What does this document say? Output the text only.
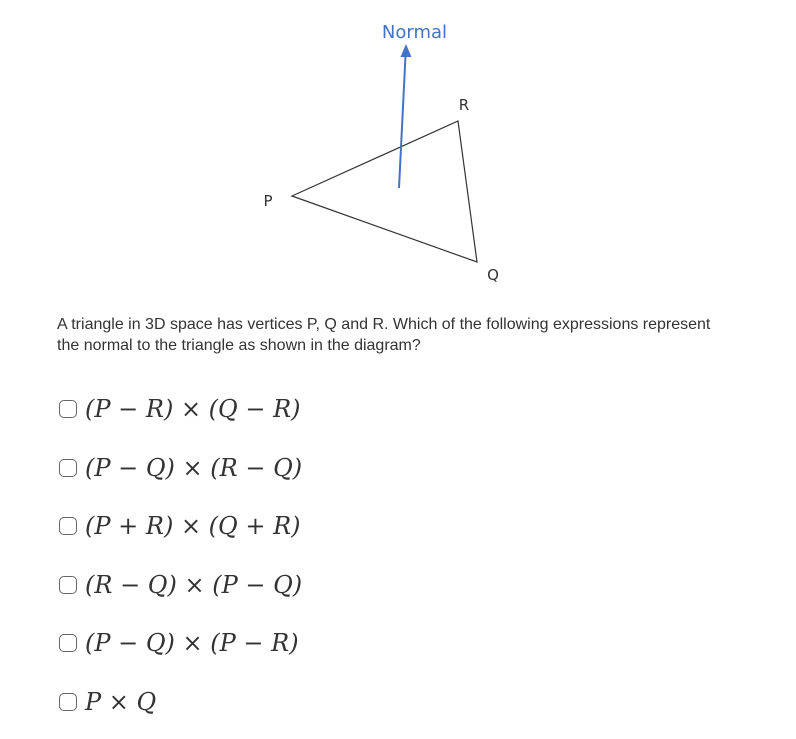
Normal
R
P
Q

A triangle in 3D space has vertices P, Q and R. Which of the following expressions represent the normal to the triangle as shown in the diagram?

(P − R) × (Q − R)
(P − Q) × (R − Q)
(P + R) × (Q + R)
(R − Q) × (P − Q)
(P − Q) × (P − R)
P × Q
